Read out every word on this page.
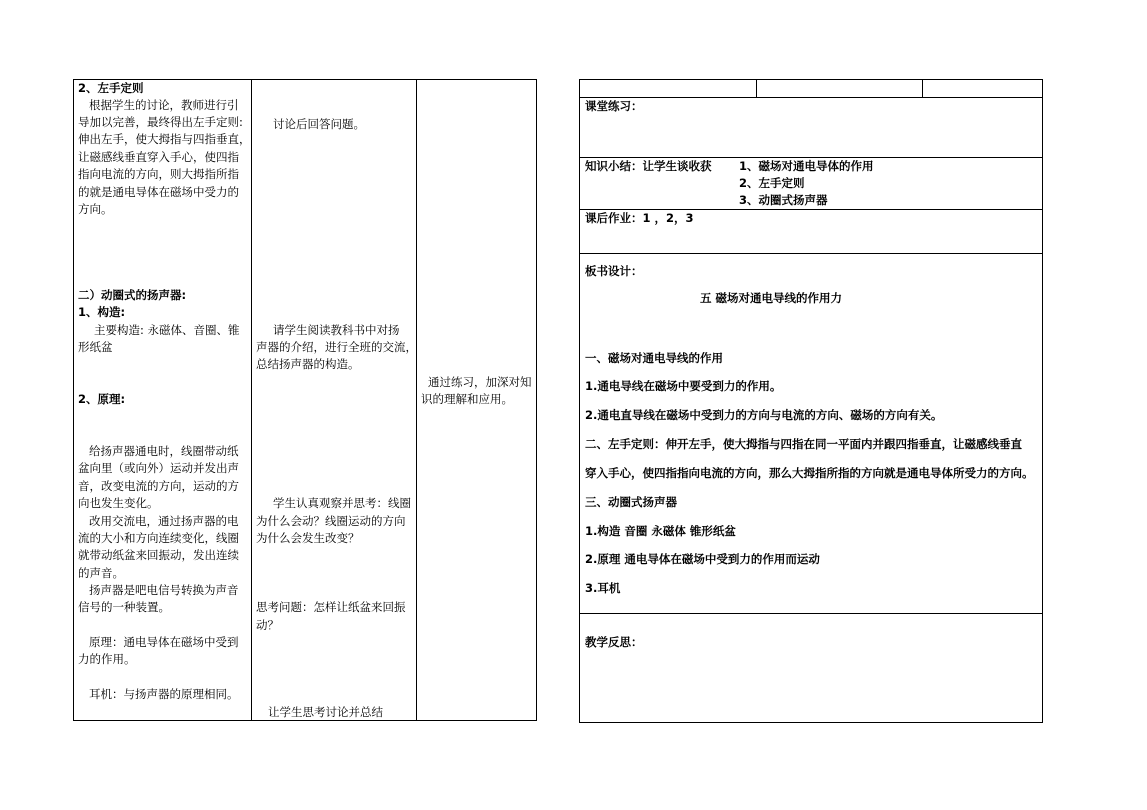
2、左手定则
根据学生的讨论，教师进行引
导加以完善，最终得出左手定则:
伸出左手，使大拇指与四指垂直，
让磁感线垂直穿入手心，使四指
指向电流的方向，则大拇指所指
的就是通电导体在磁场中受力的
方向。
二）动圈式的扬声器:
1、构造:
主要构造: 永磁体、音圈、锥
形纸盆
2、原理:
给扬声器通电时，线圈带动纸
盆向里（或向外）运动并发出声
音，改变电流的方向，运动的方
向也发生变化。
改用交流电，通过扬声器的电
流的大小和方向连续变化，线圈
就带动纸盆来回振动，发出连续
的声音。
扬声器是吧电信号转换为声音
信号的一种装置。
原理：通电导体在磁场中受到
力的作用。
耳机：与扬声器的原理相同。
讨论后回答问题。
请学生阅读教科书中对扬
声器的介绍，进行全班的交流，
总结扬声器的构造。
学生认真观察并思考：线圈
为什么会动？线圈运动的方向
为什么会发生改变？
思考问题：怎样让纸盆来回振
动？
让学生思考讨论并总结
通过练习，加深对知
识的理解和应用。
课堂练习：
知识小结：让学生谈收获 1、磁场对通电导体的作用
2、左手定则
3、动圈式扬声器
课后作业：1 ，2，3
板书设计：
五 磁场对通电导线的作用力
一、磁场对通电导线的作用
1.通电导线在磁场中要受到力的作用。
2.通电直导线在磁场中受到力的方向与电流的方向、磁场的方向有关。
二、左手定则：伸开左手，使大拇指与四指在同一平面内并跟四指垂直，让磁感线垂直
穿入手心，使四指指向电流的方向，那么大拇指所指的方向就是通电导体所受力的方向。
三、动圈式扬声器
1.构造 音圈 永磁体 锥形纸盆
2.原理 通电导体在磁场中受到力的作用而运动
3.耳机
教学反思：
